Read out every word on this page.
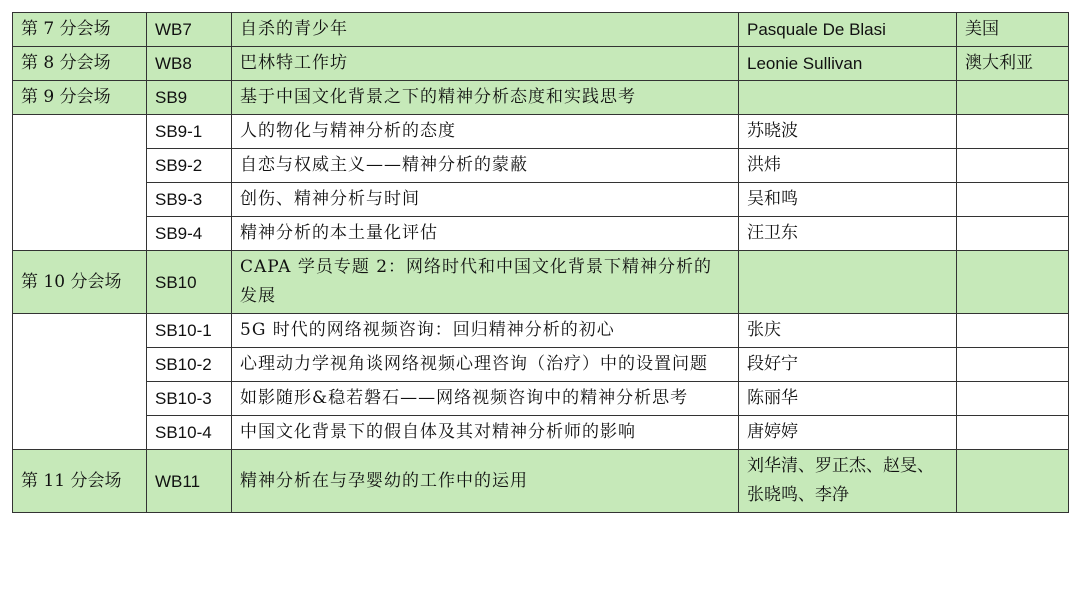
第 7 分会场	WB7	自杀的青少年	Pasquale De Blasi	美国
第 8 分会场	WB8	巴林特工作坊	Leonie Sullivan	澳大利亚
第 9 分会场	SB9	基于中国文化背景之下的精神分析态度和实践思考		
	SB9-1	人的物化与精神分析的态度	苏晓波	
	SB9-2	自恋与权威主义——精神分析的蒙蔽	洪炜	
	SB9-3	创伤、精神分析与时间	吴和鸣	
	SB9-4	精神分析的本土量化评估	汪卫东	
第 10 分会场	SB10	CAPA 学员专题 2：网络时代和中国文化背景下精神分析的发展		
	SB10-1	5G 时代的网络视频咨询：回归精神分析的初心	张庆	
	SB10-2	心理动力学视角谈网络视频心理咨询（治疗）中的设置问题	段好宁	
	SB10-3	如影随形&稳若磐石——网络视频咨询中的精神分析思考	陈丽华	
	SB10-4	中国文化背景下的假自体及其对精神分析师的影响	唐婷婷	
第 11 分会场	WB11	精神分析在与孕婴幼的工作中的运用	刘华清、罗正杰、赵旻、张晓鸣、李净	
